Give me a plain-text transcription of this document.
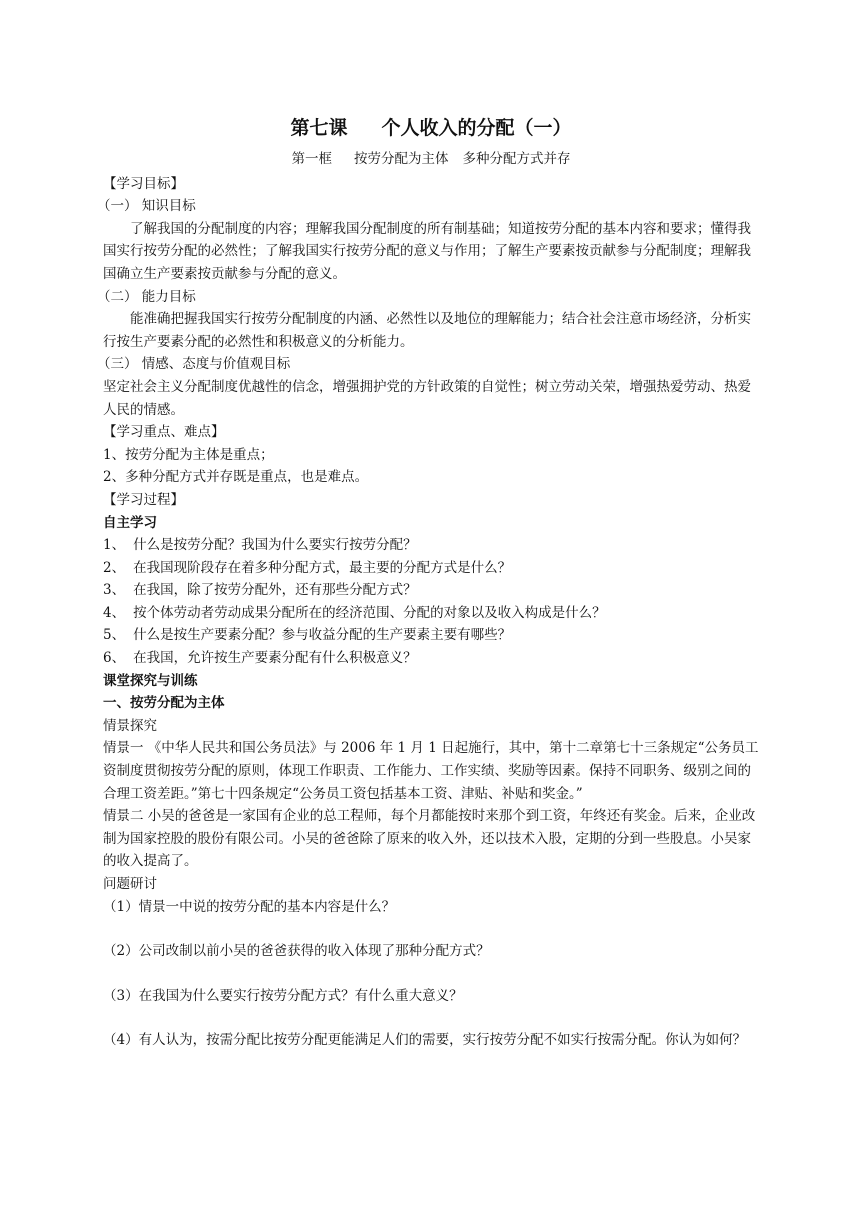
第七课 个人收入的分配（一）
第一框 按劳分配为主体 多种分配方式并存

【学习目标】

（一） 知识目标

了解我国的分配制度的内容；理解我国分配制度的所有制基础；知道按劳分配的基本内容和要求；懂得我国实行按劳分配的必然性；了解我国实行按劳分配的意义与作用；了解生产要素按贡献参与分配制度；理解我国确立生产要素按贡献参与分配的意义。

（二） 能力目标

能准确把握我国实行按劳分配制度的内涵、必然性以及地位的理解能力；结合社会注意市场经济，分析实行按生产要素分配的必然性和积极意义的分析能力。

（三） 情感、态度与价值观目标

坚定社会主义分配制度优越性的信念，增强拥护党的方针政策的自觉性；树立劳动关荣，增强热爱劳动、热爱人民的情感。

【学习重点、难点】

1、按劳分配为主体是重点；

2、多种分配方式并存既是重点，也是难点。

【学习过程】

自主学习

1、 什么是按劳分配？我国为什么要实行按劳分配？

2、 在我国现阶段存在着多种分配方式，最主要的分配方式是什么？

3、 在我国，除了按劳分配外，还有那些分配方式？

4、 按个体劳动者劳动成果分配所在的经济范围、分配的对象以及收入构成是什么？

5、 什么是按生产要素分配？参与收益分配的生产要素主要有哪些？

6、 在我国，允许按生产要素分配有什么积极意义？

课堂探究与训练

一、按劳分配为主体

情景探究

情景一 《中华人民共和国公务员法》与 2006 年 1 月 1 日起施行，其中，第十二章第七十三条规定“公务员工资制度贯彻按劳分配的原则，体现工作职责、工作能力、工作实绩、奖励等因素。保持不同职务、级别之间的合理工资差距。”第七十四条规定“公务员工资包括基本工资、津贴、补贴和奖金。”

情景二 小吴的爸爸是一家国有企业的总工程师，每个月都能按时来那个到工资，年终还有奖金。后来，企业改制为国家控股的股份有限公司。小吴的爸爸除了原来的收入外，还以技术入股，定期的分到一些股息。小吴家的收入提高了。

问题研讨

（1）情景一中说的按劳分配的基本内容是什么？

（2）公司改制以前小吴的爸爸获得的收入体现了那种分配方式？

（3）在我国为什么要实行按劳分配方式？有什么重大意义？

（4）有人认为，按需分配比按劳分配更能满足人们的需要，实行按劳分配不如实行按需分配。你认为如何？
